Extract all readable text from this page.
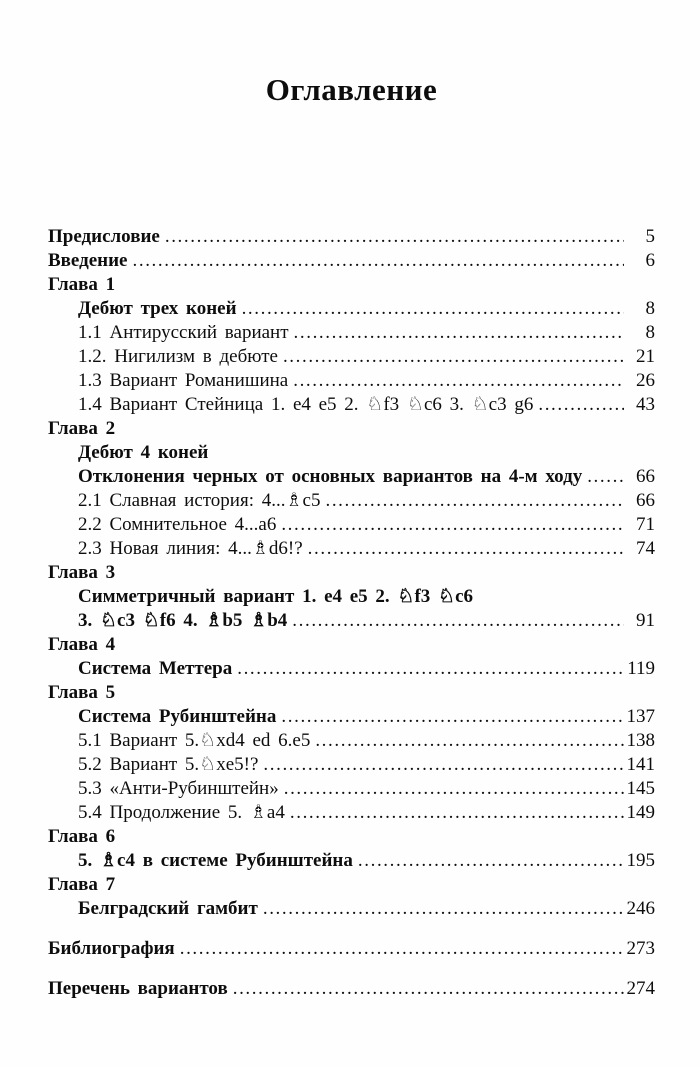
Оглавление
Предисловие .....	5
Введение .....	6
Глава 1
Дебют трех коней .....	8
1.1 Антирусский вариант .....	8
1.2. Нигилизм в дебюте .....	21
1.3 Вариант Романишина .....	26
1.4 Вариант Стейница 1. e4 e5 2. ♘f3 ♘c6 3. ♘c3 g6 .....	43
Глава 2
Дебют 4 коней
Отклонения черных от основных вариантов на 4-м ходу .....	66
2.1 Славная история: 4...♗c5 .....	66
2.2 Сомнительное 4...a6 .....	71
2.3 Новая линия: 4...♗d6!? .....	74
Глава 3
Симметричный вариант 1. e4 e5 2. ♘f3 ♘c6
3. ♘c3 ♘f6 4. ♗b5 ♗b4 .....	91
Глава 4
Система Меттера .....	119
Глава 5
Система Рубинштейна .....	137
5.1 Вариант 5.♘xd4 ed 6.e5 .....	138
5.2 Вариант 5.♘xe5!? .....	141
5.3 «Анти-Рубинштейн» .....	145
5.4 Продолжение 5. ♗a4 .....	149
Глава 6
5. ♗c4 в системе Рубинштейна .....	195
Глава 7
Белградский гамбит .....	246
Библиография .....	273
Перечень вариантов .....	274
